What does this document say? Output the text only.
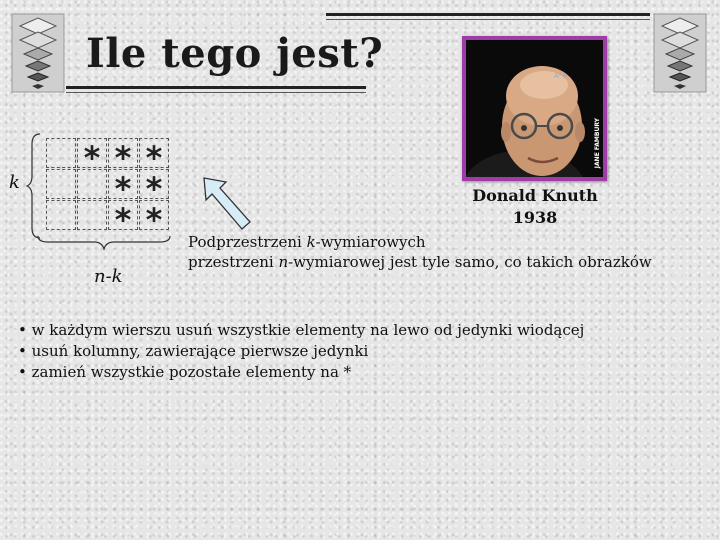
Ile tego jest?
* * *
* *
* *
k
n-k
A²+
JANE FAMBURY
Donald Knuth
1938
Podprzestrzeni k-wymiarowych
przestrzeni n-wymiarowej jest tyle samo, co takich obrazków
• w każdym wierszu usuń wszystkie elementy na lewo od jedynki wiodącej
• usuń kolumny, zawierające pierwsze jedynki
• zamień wszystkie pozostałe elementy na *
